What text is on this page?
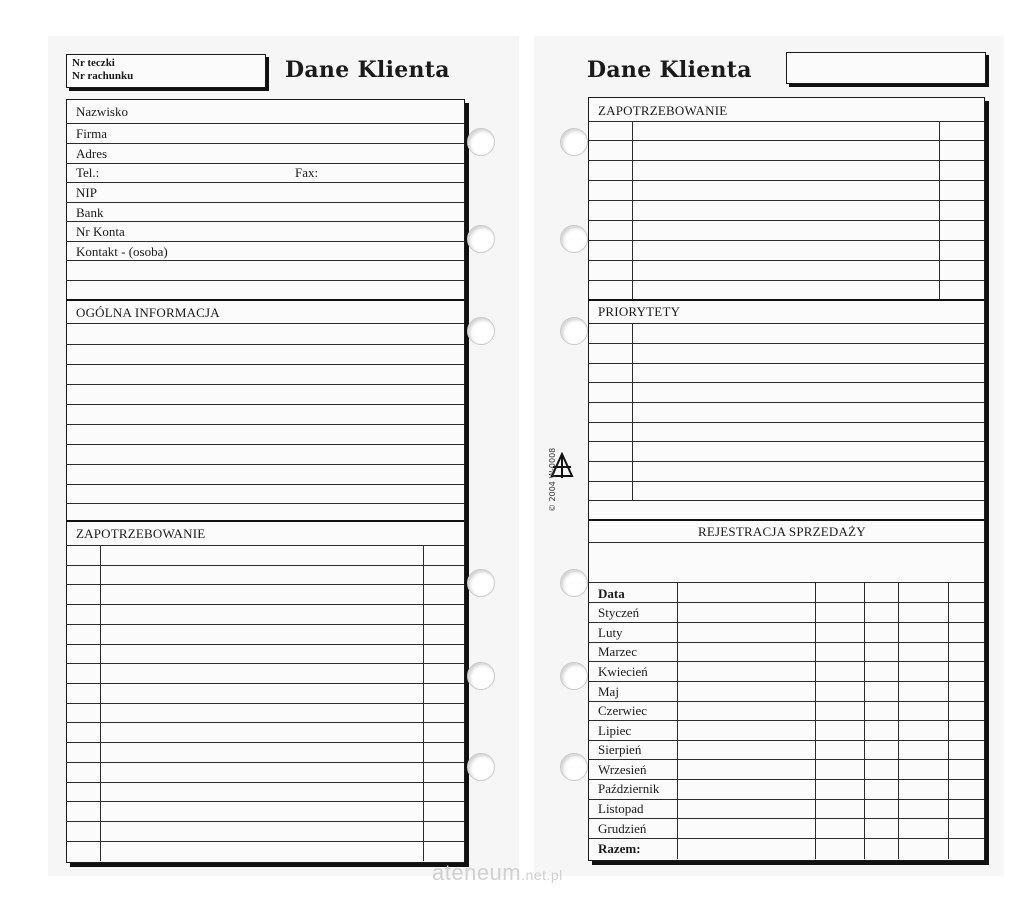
Nr teczki
Nr rachunku	Dane Klienta
Nazwisko
Firma
Adres
Tel.:	Fax:
NIP
Bank
Nr Konta
Kontakt - (osoba)
OGÓLNA INFORMACJA
ZAPOTRZEBOWANIE
Dane Klienta
ZAPOTRZEBOWANIE
PRIORYTETY
REJESTRACJA SPRZEDAŻY
Data
Styczeń
Luty
Marzec
Kwiecień
Maj
Czerwiec
Lipiec
Sierpień
Wrzesień
Październik
Listopad
Grudzień
Razem:
© 2004 W-0008
ateneum.net.pl
